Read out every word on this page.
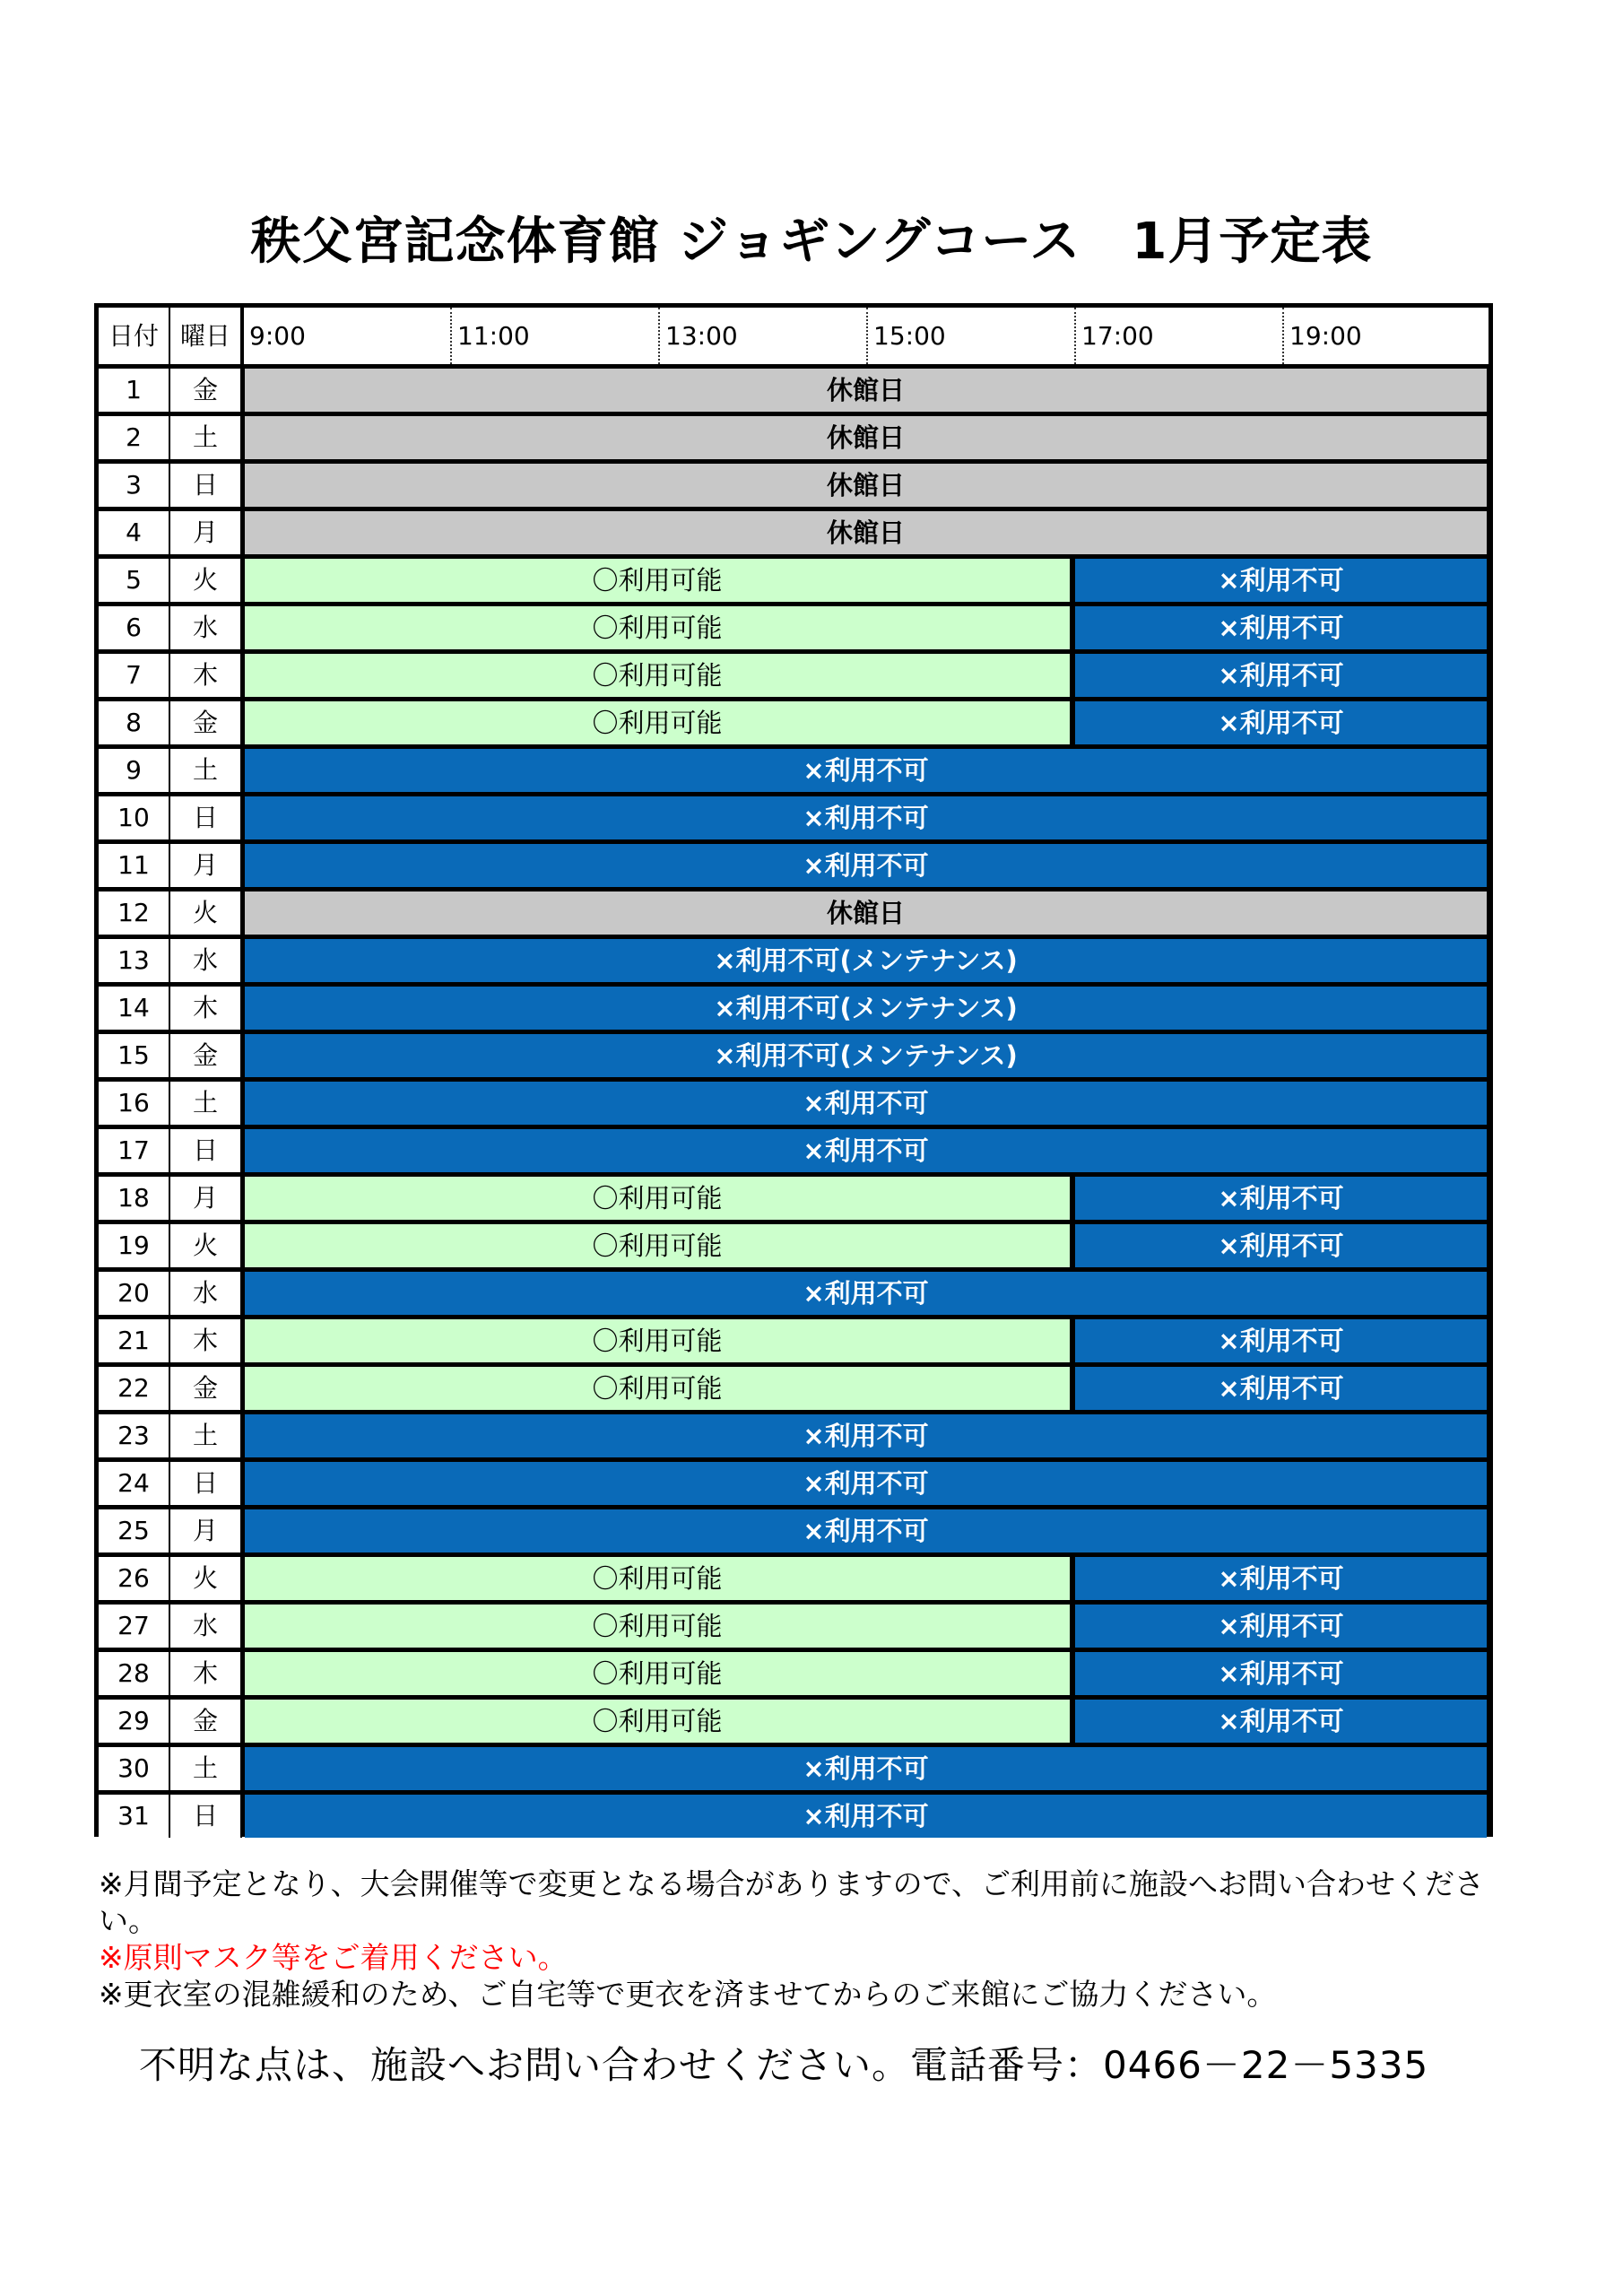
秩父宮記念体育館 ジョギングコース　1月予定表
日付 曜日 9:00	11:00	13:00	15:00	17:00	19:00
1	金	休館日
2	土	休館日
3	日	休館日
4	月	休館日
5	火	〇利用可能	×利用不可
6	水	〇利用可能	×利用不可
7	木	〇利用可能	×利用不可
8	金	〇利用可能	×利用不可
9	土	×利用不可
10	日	×利用不可
11	月	×利用不可
12	火	休館日
13	水	×利用不可(メンテナンス)
14	木	×利用不可(メンテナンス)
15	金	×利用不可(メンテナンス)
16	土	×利用不可
17	日	×利用不可
18	月	〇利用可能	×利用不可
19	火	〇利用可能	×利用不可
20	水	×利用不可
21	木	〇利用可能	×利用不可
22	金	〇利用可能	×利用不可
23	土	×利用不可
24	日	×利用不可
25	月	×利用不可
26	火	〇利用可能	×利用不可
27	水	〇利用可能	×利用不可
28	木	〇利用可能	×利用不可
29	金	〇利用可能	×利用不可
30	土	×利用不可
31	日	×利用不可
※月間予定となり、大会開催等で変更となる場合がありますので、ご利用前に施設へお問い合わせください。
※原則マスク等をご着用ください。
※更衣室の混雑緩和のため、ご自宅等で更衣を済ませてからのご来館にご協力ください。
不明な点は、施設へお問い合わせください。電話番号：0466－22－5335
